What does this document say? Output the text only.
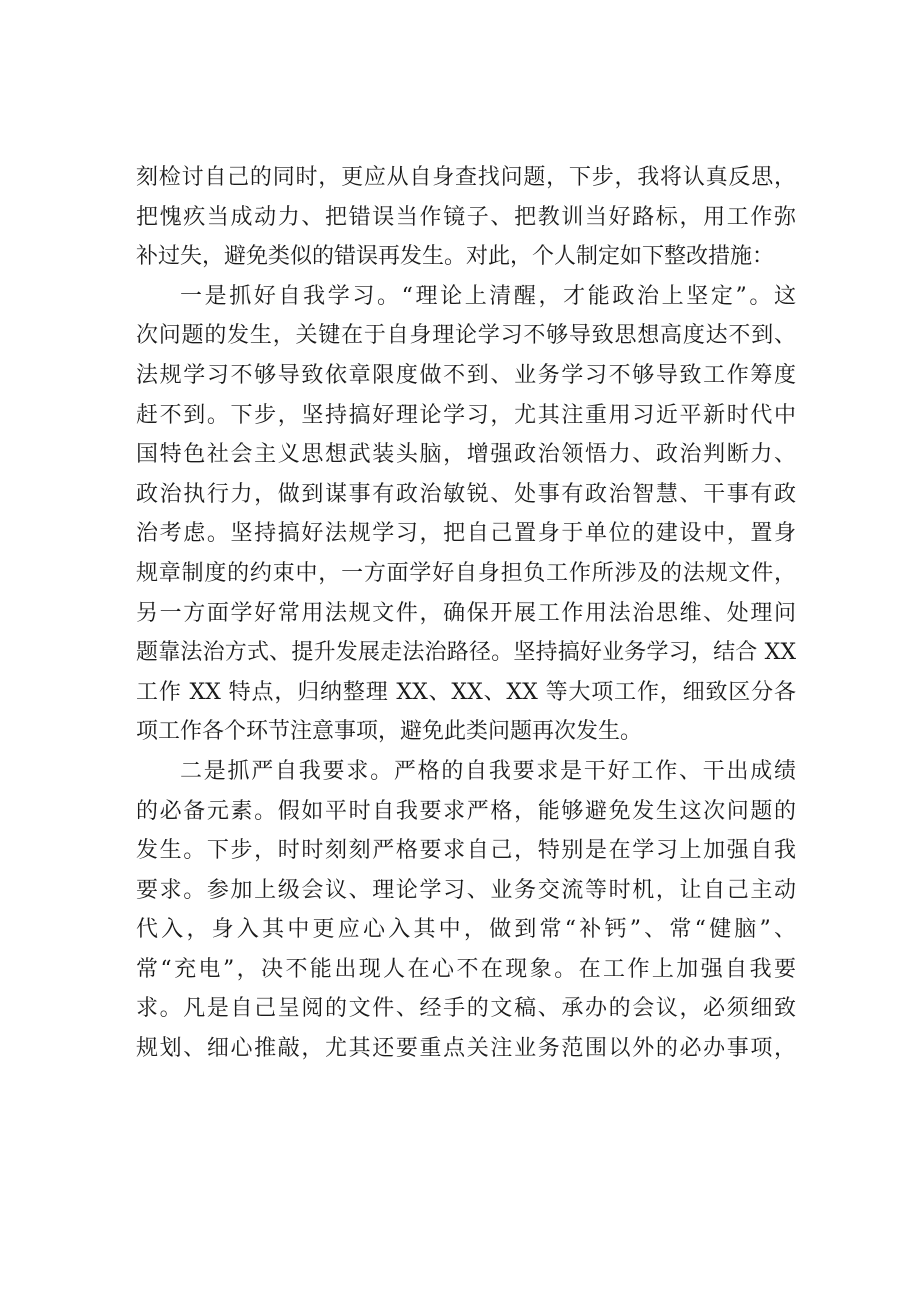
刻检讨自己的同时，更应从自身查找问题，下步，我将认真反思，
把愧疚当成动力、把错误当作镜子、把教训当好路标，用工作弥
补过失，避免类似的错误再发生。对此，个人制定如下整改措施：
一是抓好自我学习。“理论上清醒，才能政治上坚定”。这
次问题的发生，关键在于自身理论学习不够导致思想高度达不到、
法规学习不够导致依章限度做不到、业务学习不够导致工作筹度
赶不到。下步，坚持搞好理论学习，尤其注重用习近平新时代中
国特色社会主义思想武装头脑，增强政治领悟力、政治判断力、
政治执行力，做到谋事有政治敏锐、处事有政治智慧、干事有政
治考虑。坚持搞好法规学习，把自己置身于单位的建设中，置身
规章制度的约束中，一方面学好自身担负工作所涉及的法规文件，
另一方面学好常用法规文件，确保开展工作用法治思维、处理问
题靠法治方式、提升发展走法治路径。坚持搞好业务学习，结合 XX
工作 XX 特点，归纳整理 XX、XX、XX 等大项工作，细致区分各
项工作各个环节注意事项，避免此类问题再次发生。
二是抓严自我要求。严格的自我要求是干好工作、干出成绩
的必备元素。假如平时自我要求严格，能够避免发生这次问题的
发生。下步，时时刻刻严格要求自己，特别是在学习上加强自我
要求。参加上级会议、理论学习、业务交流等时机，让自己主动
代入，身入其中更应心入其中，做到常“补钙”、常“健脑”、
常“充电”，决不能出现人在心不在现象。在工作上加强自我要
求。凡是自己呈阅的文件、经手的文稿、承办的会议，必须细致
规划、细心推敲，尤其还要重点关注业务范围以外的必办事项，
